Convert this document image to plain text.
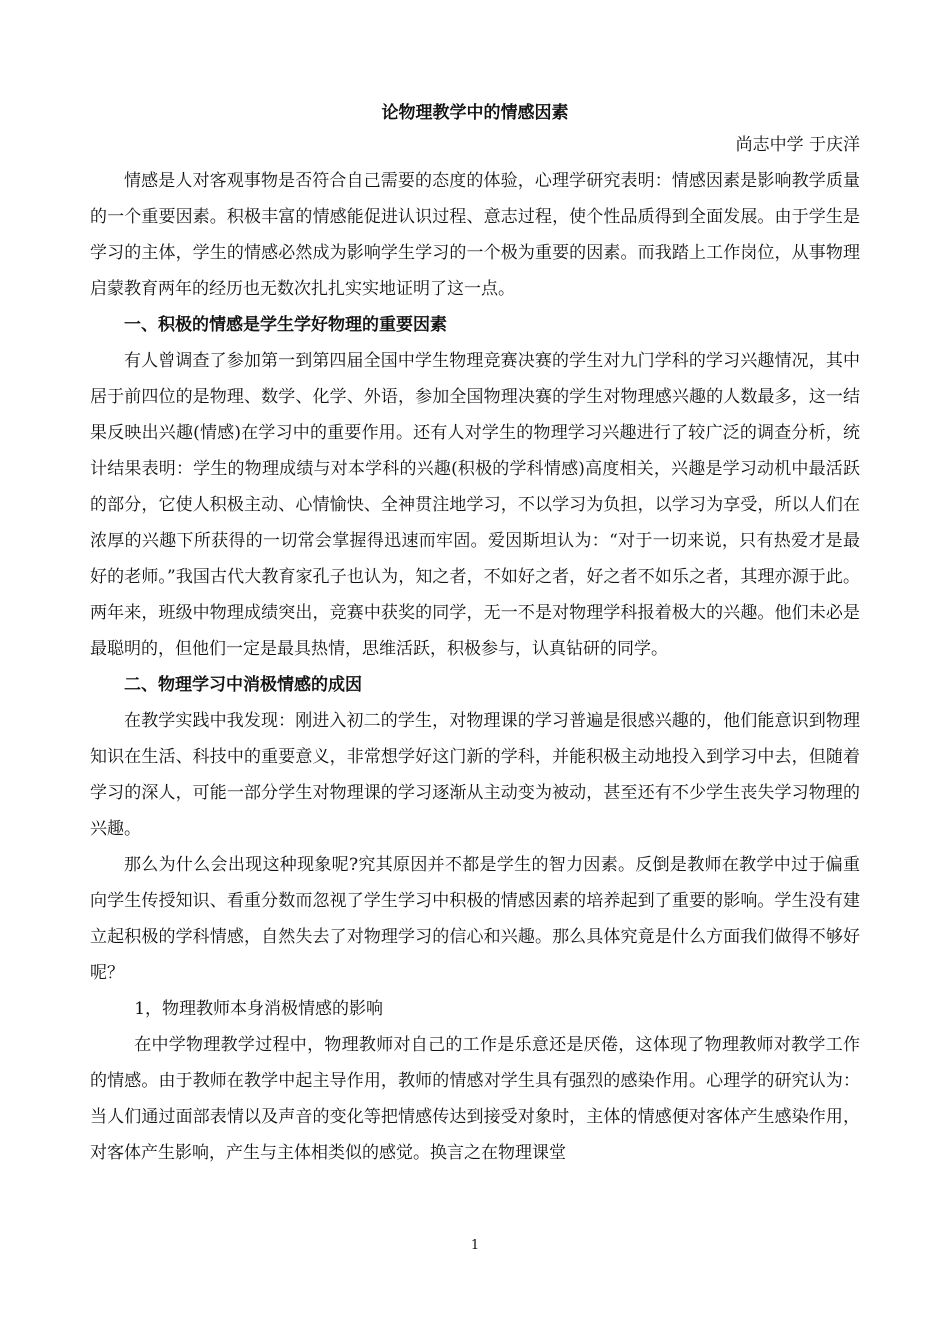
论物理教学中的情感因素
尚志中学 于庆洋

情感是人对客观事物是否符合自己需要的态度的体验，心理学研究表明：情感因素是影响教学质量的一个重要因素。积极丰富的情感能促进认识过程、意志过程，使个性品质得到全面发展。由于学生是学习的主体，学生的情感必然成为影响学生学习的一个极为重要的因素。而我踏上工作岗位，从事物理启蒙教育两年的经历也无数次扎扎实实地证明了这一点。

一、积极的情感是学生学好物理的重要因素

有人曾调查了参加第一到第四届全国中学生物理竞赛决赛的学生对九门学科的学习兴趣情况，其中居于前四位的是物理、数学、化学、外语，参加全国物理决赛的学生对物理感兴趣的人数最多，这一结果反映出兴趣(情感)在学习中的重要作用。还有人对学生的物理学习兴趣进行了较广泛的调查分析，统计结果表明：学生的物理成绩与对本学科的兴趣(积极的学科情感)高度相关，兴趣是学习动机中最活跃的部分，它使人积极主动、心情愉快、全神贯注地学习，不以学习为负担，以学习为享受，所以人们在浓厚的兴趣下所获得的一切常会掌握得迅速而牢固。爱因斯坦认为：“对于一切来说，只有热爱才是最好的老师。”我国古代大教育家孔子也认为，知之者，不如好之者，好之者不如乐之者，其理亦源于此。两年来，班级中物理成绩突出，竞赛中获奖的同学，无一不是对物理学科报着极大的兴趣。他们未必是最聪明的，但他们一定是最具热情，思维活跃，积极参与，认真钻研的同学。

二、物理学习中消极情感的成因

在教学实践中我发现：刚进入初二的学生，对物理课的学习普遍是很感兴趣的，他们能意识到物理知识在生活、科技中的重要意义，非常想学好这门新的学科，并能积极主动地投入到学习中去，但随着学习的深人，可能一部分学生对物理课的学习逐渐从主动变为被动，甚至还有不少学生丧失学习物理的兴趣。

那么为什么会出现这种现象呢?究其原因并不都是学生的智力因素。反倒是教师在教学中过于偏重向学生传授知识、看重分数而忽视了学生学习中积极的情感因素的培养起到了重要的影响。学生没有建立起积极的学科情感，自然失去了对物理学习的信心和兴趣。那么具体究竟是什么方面我们做得不够好呢？

1，物理教师本身消极情感的影响

在中学物理教学过程中，物理教师对自己的工作是乐意还是厌倦，这体现了物理教师对教学工作的情感。由于教师在教学中起主导作用，教师的情感对学生具有强烈的感染作用。心理学的研究认为：当人们通过面部表情以及声音的变化等把情感传达到接受对象时，主体的情感便对客体产生感染作用，对客体产生影响，产生与主体相类似的感觉。换言之在物理课堂

1
